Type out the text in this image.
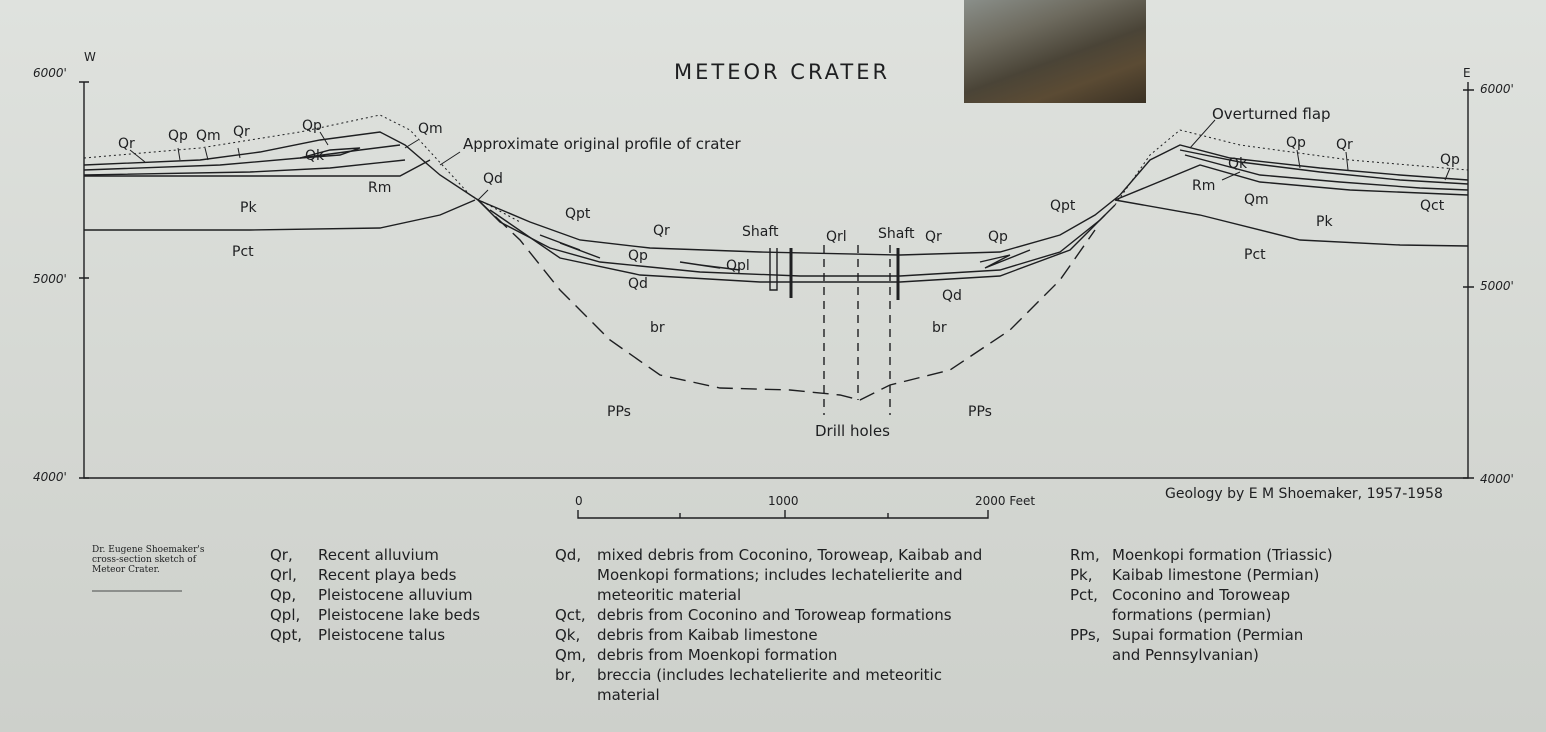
METEOR CRATER
6000'
5000'
4000'
6000'
5000'
4000'
W
E
Qr Qp Qm Qr	Qp
Qk
Qm
Rm
Pk
Pct
Qd
Qpt
Qr
Qp
Qpl
Qd
Qrl	Qr	Qp
Qd
Qpt
br	br
PPs	PPs
Qp Qr
Qp
Qk
Rm
Qm
Pk
Qct
Pct
Shaft	Shaft
Drill holes
Approximate original profile of crater
Overturned flap
0	1000	2000 Feet	Geology by E M Shoemaker, 1957-1958
Dr. Eugene Shoemaker's cross-section sketch of Meteor Crater.
Qr,	Recent alluvium
Qrl,	Recent playa beds
Qp,	Pleistocene alluvium
Qpl,	Pleistocene lake beds
Qpt,	Pleistocene talus
Qd,	mixed debris from Coconino, Toroweap, Kaibab and
Moenkopi formations; includes lechatelierite and
meteoritic material
Qct, debris from Coconino and Toroweap formations
Qk,	debris from Kaibab limestone
Qm, debris from Moenkopi formation
br,	breccia (includes lechatelierite and meteoritic
material
Rm, Moenkopi formation (Triassic)
Pk,	Kaibab limestone (Permian)
Pct, Coconino and Toroweap
formations (permian)
PPs, Supai formation (Permian
and Pennsylvanian)
